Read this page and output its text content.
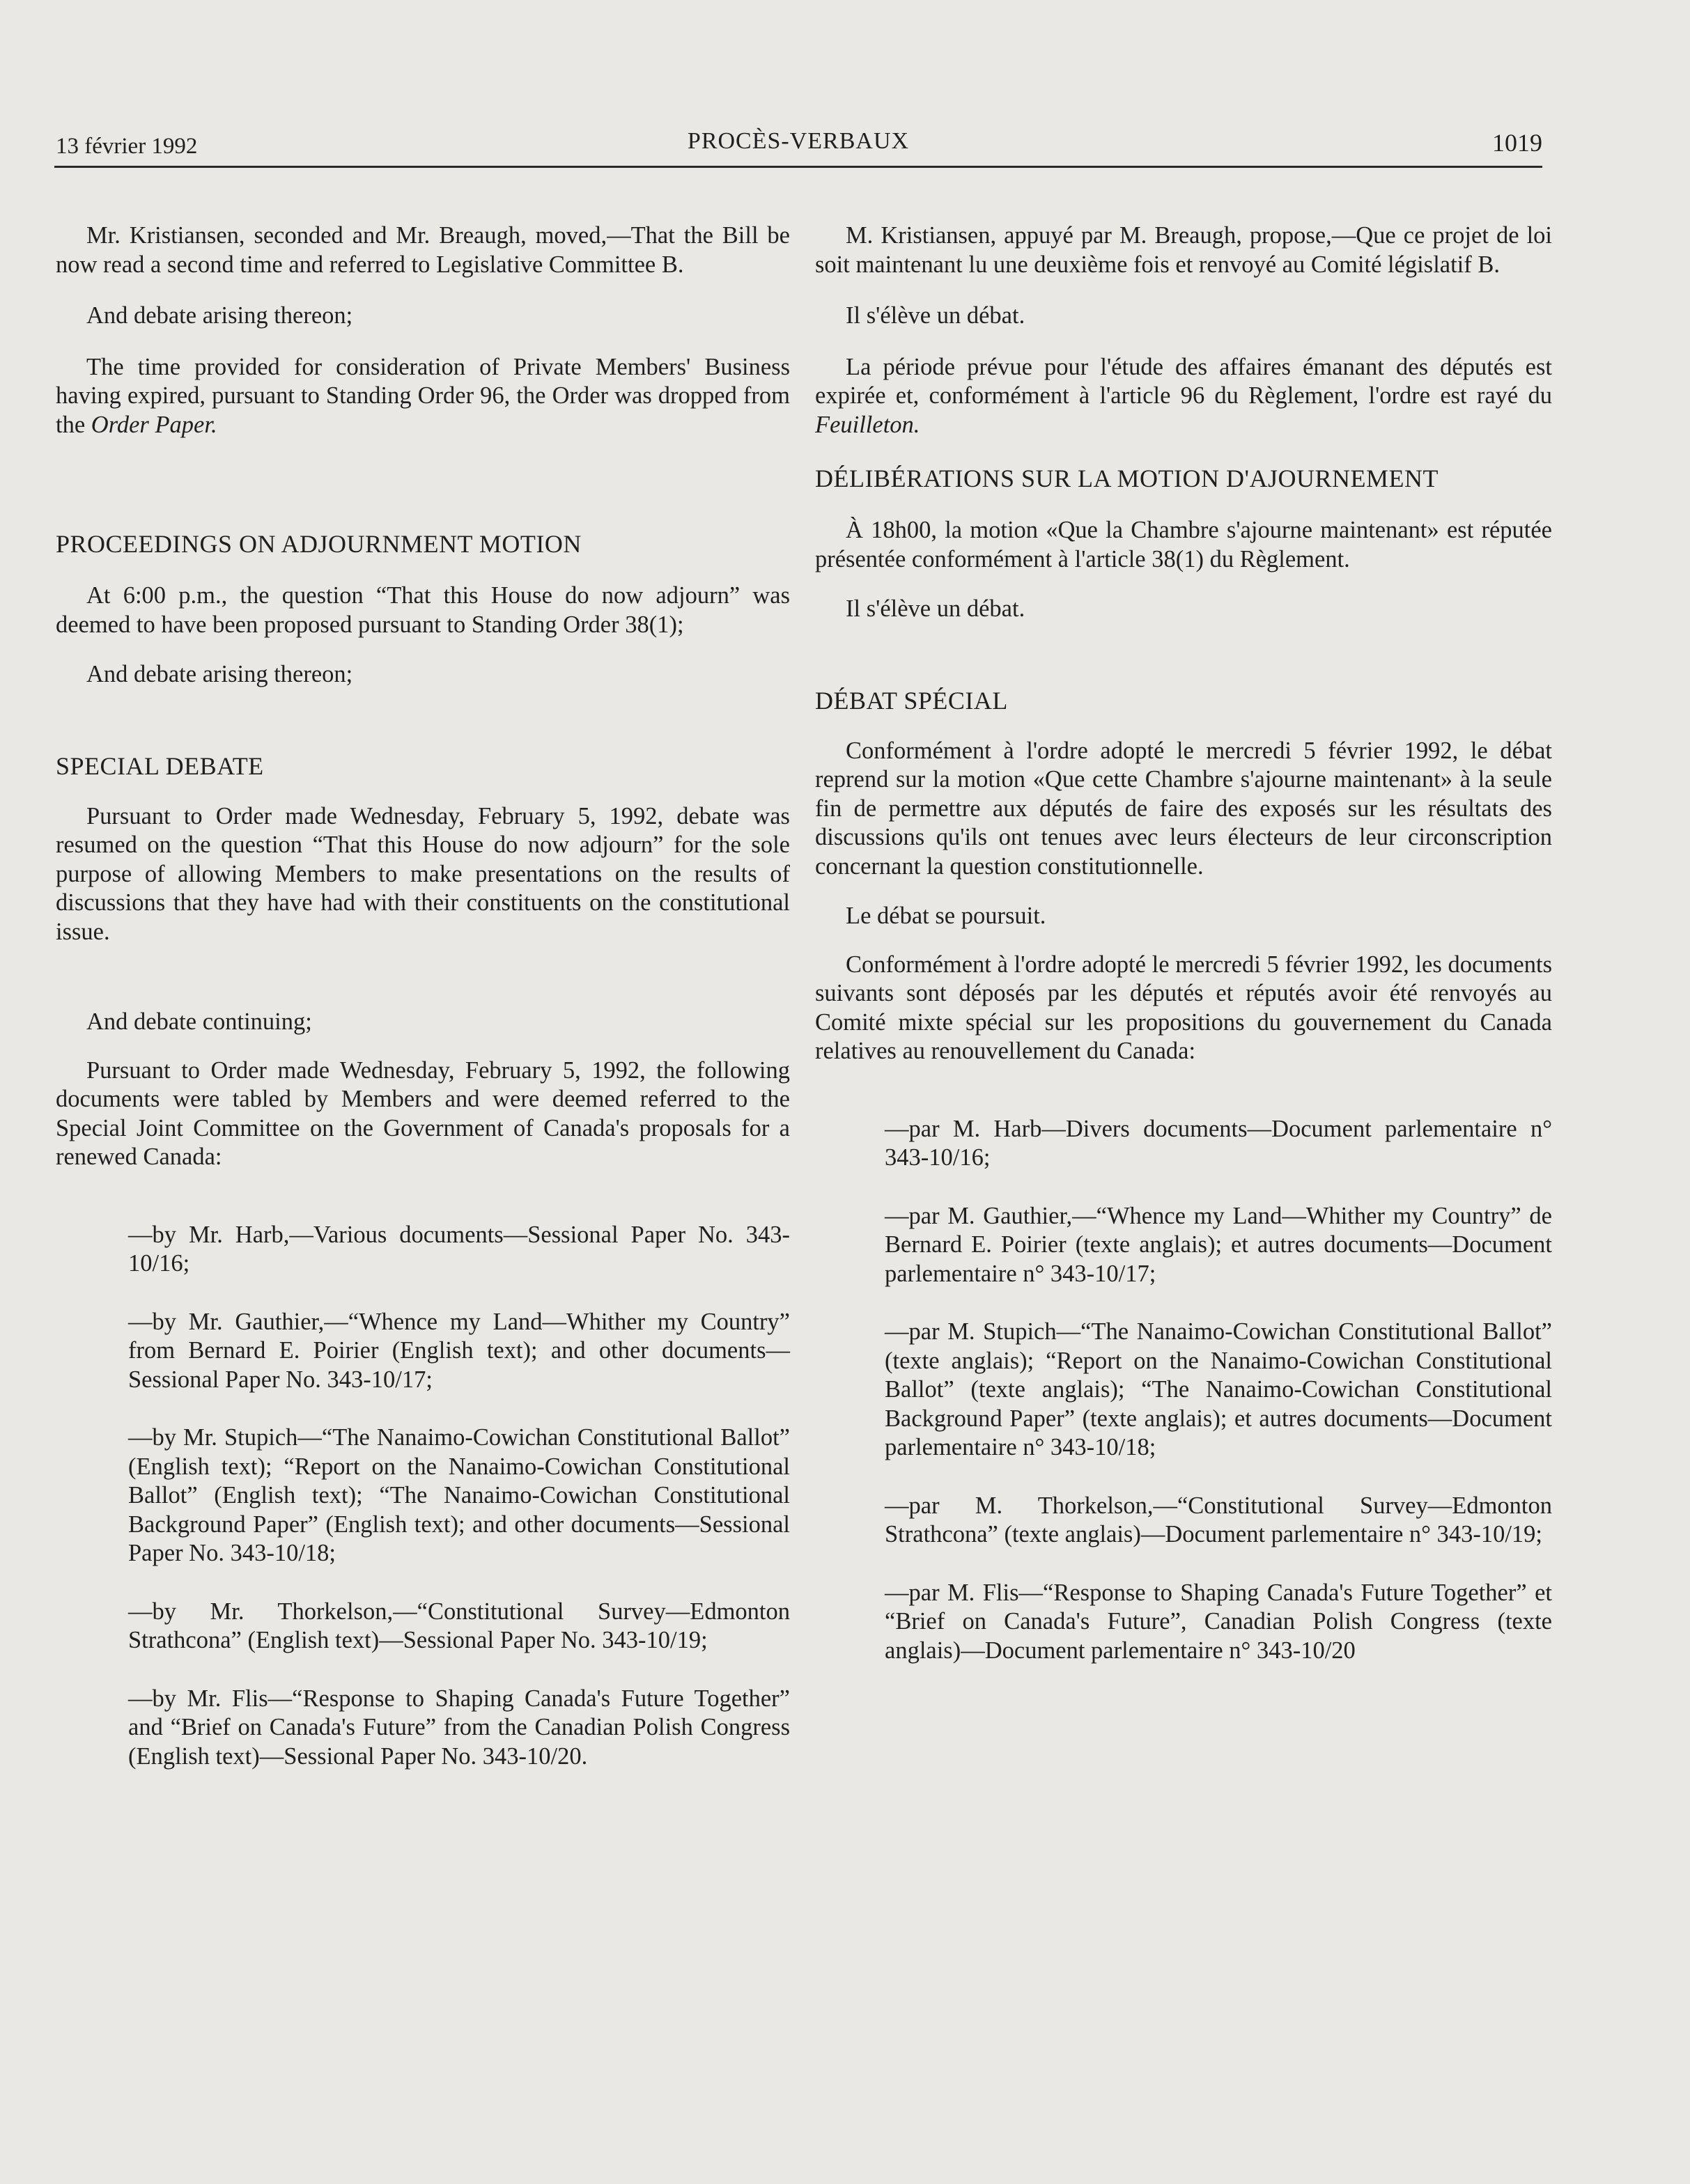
13 février 1992	PROCÈS-VERBAUX	1019

Mr. Kristiansen, seconded and Mr. Breaugh, moved,—That the Bill be now read a second time and referred to Legislative Committee B.

And debate arising thereon;

The time provided for consideration of Private Members' Business having expired, pursuant to Standing Order 96, the Order was dropped from the Order Paper.

PROCEEDINGS ON ADJOURNMENT MOTION

At 6:00 p.m., the question “That this House do now adjourn” was deemed to have been proposed pursuant to Standing Order 38(1);

And debate arising thereon;

SPECIAL DEBATE

Pursuant to Order made Wednesday, February 5, 1992, debate was resumed on the question “That this House do now adjourn” for the sole purpose of allowing Members to make presentations on the results of discussions that they have had with their constituents on the constitutional issue.

And debate continuing;

Pursuant to Order made Wednesday, February 5, 1992, the following documents were tabled by Members and were deemed referred to the Special Joint Committee on the Government of Canada's proposals for a renewed Canada:

—by Mr. Harb,—Various documents—Sessional Paper No. 343-10/16;

—by Mr. Gauthier,—“Whence my Land—Whither my Country” from Bernard E. Poirier (English text); and other documents—Sessional Paper No. 343-10/17;

—by Mr. Stupich—“The Nanaimo-Cowichan Constitutional Ballot” (English text); “Report on the Nanaimo-Cowichan Constitutional Ballot” (English text); “The Nanaimo-Cowichan Constitutional Background Paper” (English text); and other documents—Sessional Paper No. 343-10/18;

—by Mr. Thorkelson,—“Constitutional Survey—Edmonton Strathcona” (English text)—Sessional Paper No. 343-10/19;

—by Mr. Flis—“Response to Shaping Canada's Future Together” and “Brief on Canada's Future” from the Canadian Polish Congress (English text)—Sessional Paper No. 343-10/20.

M. Kristiansen, appuyé par M. Breaugh, propose,—Que ce projet de loi soit maintenant lu une deuxième fois et renvoyé au Comité législatif B.

Il s'élève un débat.

La période prévue pour l'étude des affaires émanant des députés est expirée et, conformément à l'article 96 du Règlement, l'ordre est rayé du Feuilleton.

DÉLIBÉRATIONS SUR LA MOTION D'AJOURNEMENT

À 18h00, la motion «Que la Chambre s'ajourne maintenant» est réputée présentée conformément à l'article 38(1) du Règlement.

Il s'élève un débat.

DÉBAT SPÉCIAL

Conformément à l'ordre adopté le mercredi 5 février 1992, le débat reprend sur la motion «Que cette Chambre s'ajourne maintenant» à la seule fin de permettre aux députés de faire des exposés sur les résultats des discussions qu'ils ont tenues avec leurs électeurs de leur circonscription concernant la question constitutionnelle.

Le débat se poursuit.

Conformément à l'ordre adopté le mercredi 5 février 1992, les documents suivants sont déposés par les députés et réputés avoir été renvoyés au Comité mixte spécial sur les propositions du gouvernement du Canada relatives au renouvellement du Canada:

—par M. Harb—Divers documents—Document parlementaire n° 343-10/16;

—par M. Gauthier,—“Whence my Land—Whither my Country” de Bernard E. Poirier (texte anglais); et autres documents—Document parlementaire n° 343-10/17;

—par M. Stupich—“The Nanaimo-Cowichan Constitutional Ballot” (texte anglais); “Report on the Nanaimo-Cowichan Constitutional Ballot” (texte anglais); “The Nanaimo-Cowichan Constitutional Background Paper” (texte anglais); et autres documents—Document parlementaire n° 343-10/18;

—par M. Thorkelson,—“Constitutional Survey—Edmonton Strathcona” (texte anglais)—Document parlementaire n° 343-10/19;

—par M. Flis—“Response to Shaping Canada's Future Together” et “Brief on Canada's Future”, Canadian Polish Congress (texte anglais)—Document parlementaire n° 343-10/20
